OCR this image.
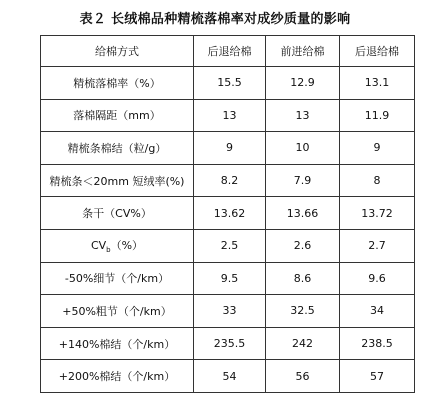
表２ 长绒棉品种精梳落棉率对成纱质量的影响
给棉方式	后退给棉	前进给棉	后退给棉
精梳落棉率（%）	15.5	12.9	13.1
落棉隔距（mm）	13	13	11.9
精梳条棉结（粒/g）	9	10	9
精梳条＜20mm 短绒率(%)	8.2	7.9	8
条干（CV%）	13.62	13.66	13.72
$CV_b(\%)$	2.5	2.6	2.7
-50%细节（个/km）	9.5	8.6	9.6
+50%粗节（个/km）	33	32.5	34
+140%棉结（个/km）	235.5	242	238.5
+200%棉结（个/km）	54	56	57
